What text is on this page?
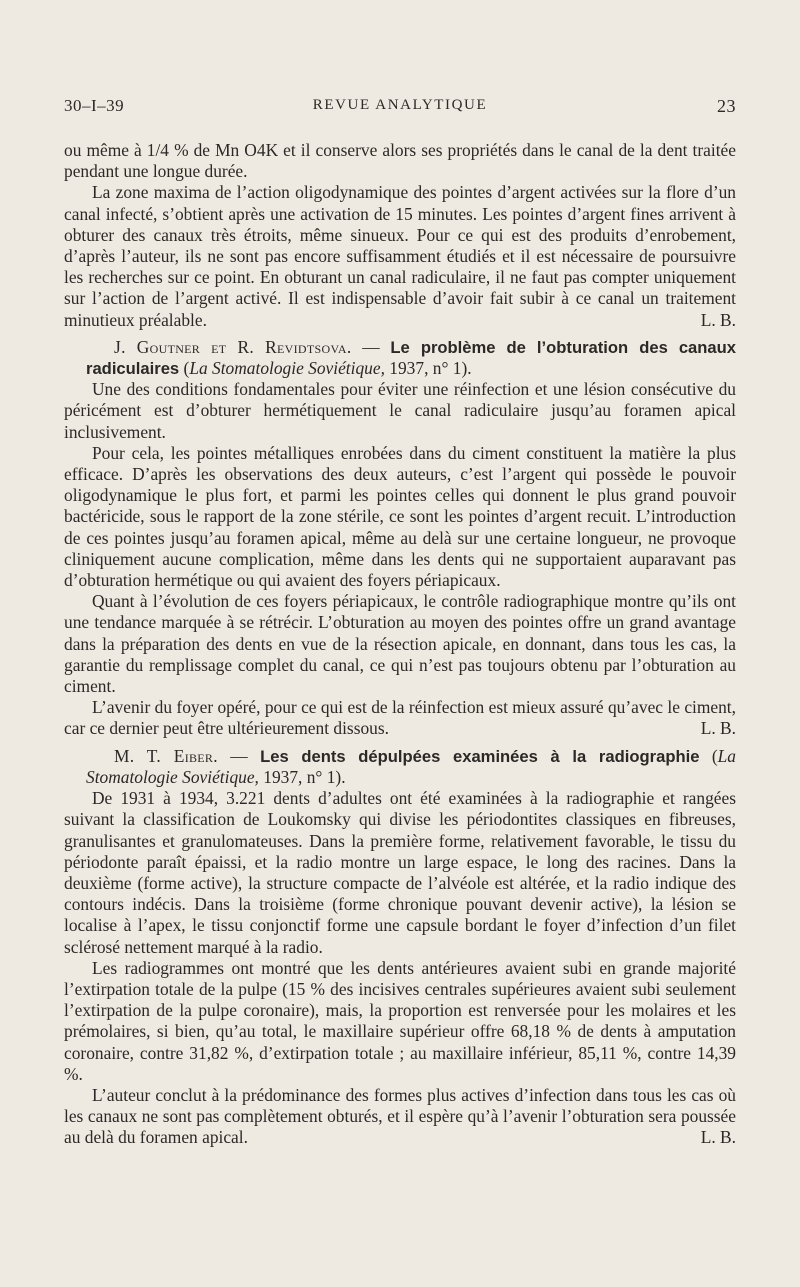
30–I–39	REVUE ANALYTIQUE	23

ou même à 1/4 % de Mn O4K et il conserve alors ses propriétés dans le canal de la dent traitée pendant une longue durée.

La zone maxima de l’action oligodynamique des pointes d’argent activées sur la flore d’un canal infecté, s’obtient après une activation de 15 minutes. Les pointes d’argent fines arrivent à obturer des canaux très étroits, même sinueux. Pour ce qui est des produits d’enrobement, d’après l’auteur, ils ne sont pas encore suffisamment étudiés et il est nécessaire de poursuivre les recherches sur ce point. En obturant un canal radiculaire, il ne faut pas compter uniquement sur l’action de l’argent activé. Il est indispensable d’avoir fait subir à ce canal un traitement minutieux préalable.	L. B.

J. Goutner et R. Revidtsova. — Le problème de l’obturation des canaux radiculaires (La Stomatologie Soviétique, 1937, n° 1).

Une des conditions fondamentales pour éviter une réinfection et une lésion consécutive du péricément est d’obturer hermétiquement le canal radiculaire jusqu’au foramen apical inclusivement.

Pour cela, les pointes métalliques enrobées dans du ciment constituent la matière la plus efficace. D’après les observations des deux auteurs, c’est l’argent qui possède le pouvoir oligodynamique le plus fort, et parmi les pointes celles qui donnent le plus grand pouvoir bactéricide, sous le rapport de la zone stérile, ce sont les pointes d’argent recuit. L’introduction de ces pointes jusqu’au foramen apical, même au delà sur une certaine longueur, ne provoque cliniquement aucune complication, même dans les dents qui ne supportaient auparavant pas d’obturation hermétique ou qui avaient des foyers périapicaux.

Quant à l’évolution de ces foyers périapicaux, le contrôle radiographique montre qu’ils ont une tendance marquée à se rétrécir. L’obturation au moyen des pointes offre un grand avantage dans la préparation des dents en vue de la résection apicale, en donnant, dans tous les cas, la garantie du remplissage complet du canal, ce qui n’est pas toujours obtenu par l’obturation au ciment.

L’avenir du foyer opéré, pour ce qui est de la réinfection est mieux assuré qu’avec le ciment, car ce dernier peut être ultérieurement dissous.	L. B.

M. T. Eiber. — Les dents dépulpées examinées à la radiographie (La Stomatologie Soviétique, 1937, n° 1).

De 1931 à 1934, 3.221 dents d’adultes ont été examinées à la radiographie et rangées suivant la classification de Loukomsky qui divise les périodontites classiques en fibreuses, granulisantes et granulomateuses. Dans la première forme, relativement favorable, le tissu du périodonte paraît épaissi, et la radio montre un large espace, le long des racines. Dans la deuxième (forme active), la structure compacte de l’alvéole est altérée, et la radio indique des contours indécis. Dans la troisième (forme chronique pouvant devenir active), la lésion se localise à l’apex, le tissu conjonctif forme une capsule bordant le foyer d’infection d’un filet sclérosé nettement marqué à la radio.

Les radiogrammes ont montré que les dents antérieures avaient subi en grande majorité l’extirpation totale de la pulpe (15 % des incisives centrales supérieures avaient subi seulement l’extirpation de la pulpe coronaire), mais, la proportion est renversée pour les molaires et les prémolaires, si bien, qu’au total, le maxillaire supérieur offre 68,18 % de dents à amputation coronaire, contre 31,82 %, d’extirpation totale ; au maxillaire inférieur, 85,11 %, contre 14,39 %.

L’auteur conclut à la prédominance des formes plus actives d’infection dans tous les cas où les canaux ne sont pas complètement obturés, et il espère qu’à l’avenir l’obturation sera poussée au delà du foramen apical.	L. B.
